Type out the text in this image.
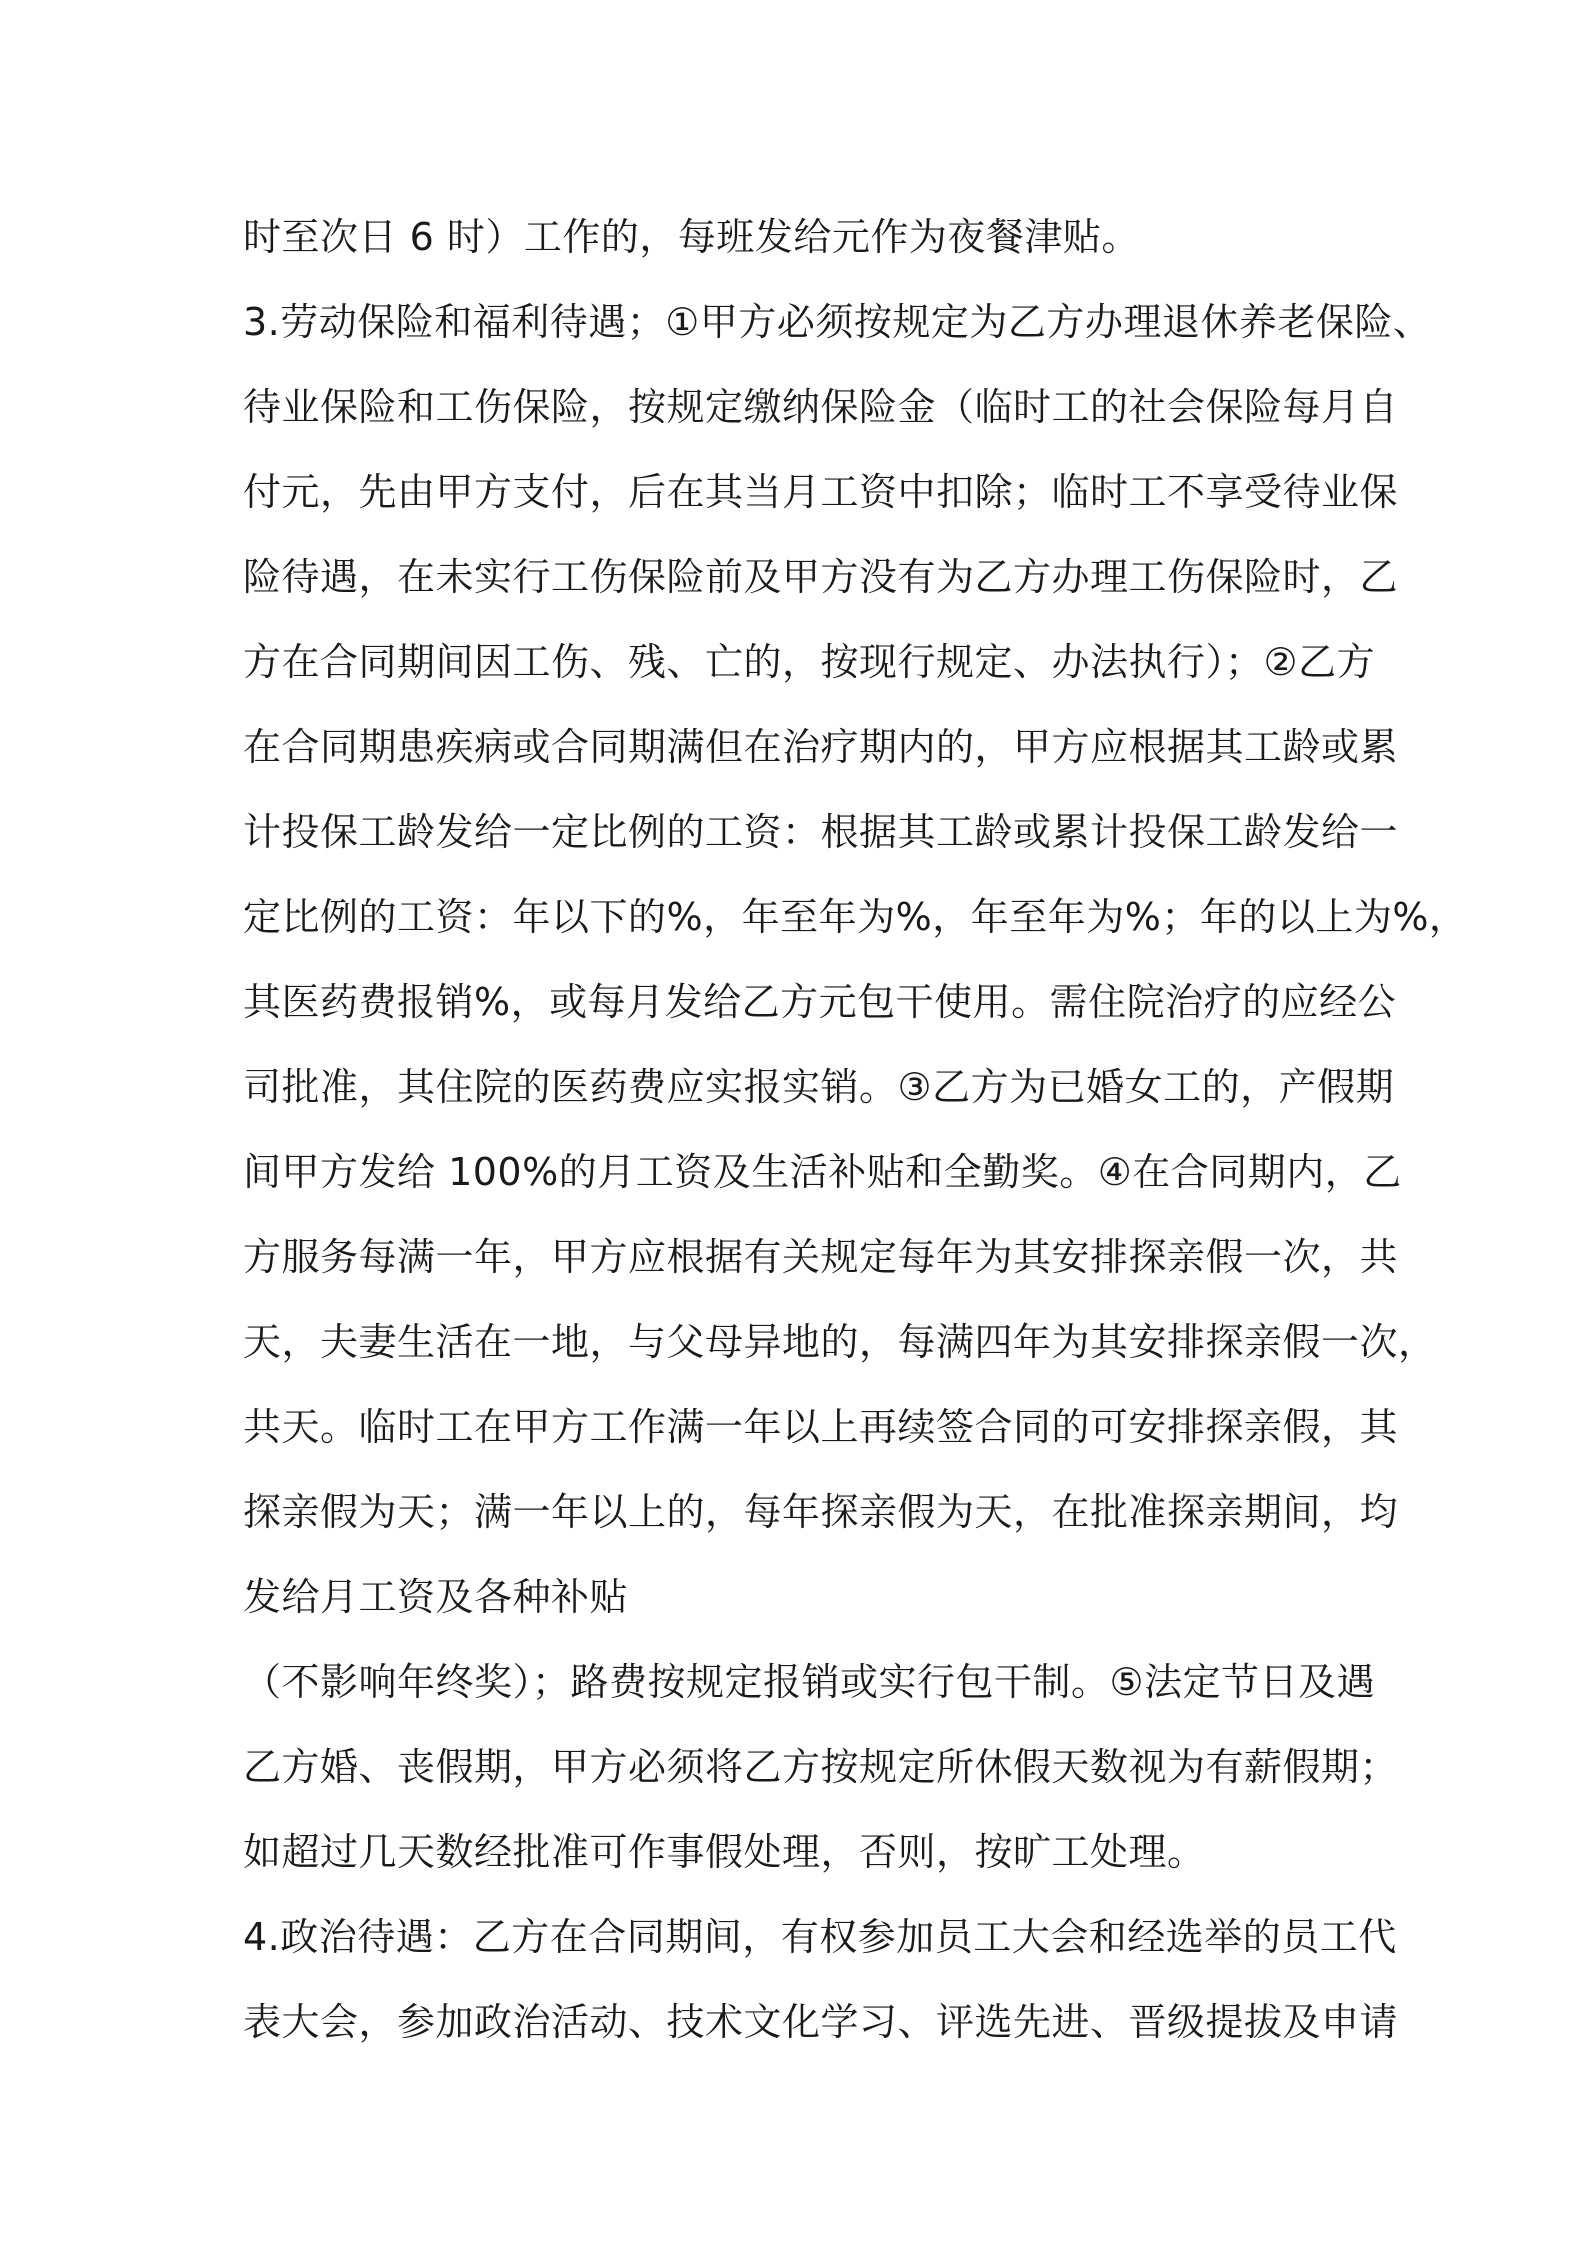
时至次日 6 时）工作的，每班发给元作为夜餐津贴。
3.劳动保险和福利待遇；①甲方必须按规定为乙方办理退休养老保险、
待业保险和工伤保险，按规定缴纳保险金（临时工的社会保险每月自
付元，先由甲方支付，后在其当月工资中扣除；临时工不享受待业保
险待遇，在未实行工伤保险前及甲方没有为乙方办理工伤保险时，乙
方在合同期间因工伤、残、亡的，按现行规定、办法执行）；②乙方
在合同期患疾病或合同期满但在治疗期内的，甲方应根据其工龄或累
计投保工龄发给一定比例的工资：根据其工龄或累计投保工龄发给一
定比例的工资：年以下的%，年至年为%，年至年为%；年的以上为%，
其医药费报销%，或每月发给乙方元包干使用。需住院治疗的应经公
司批准，其住院的医药费应实报实销。③乙方为已婚女工的，产假期
间甲方发给 100%的月工资及生活补贴和全勤奖。④在合同期内，乙
方服务每满一年，甲方应根据有关规定每年为其安排探亲假一次，共
天，夫妻生活在一地，与父母异地的，每满四年为其安排探亲假一次，
共天。临时工在甲方工作满一年以上再续签合同的可安排探亲假，其
探亲假为天；满一年以上的，每年探亲假为天，在批准探亲期间，均
发给月工资及各种补贴
（不影响年终奖）；路费按规定报销或实行包干制。⑤法定节日及遇
乙方婚、丧假期，甲方必须将乙方按规定所休假天数视为有薪假期；
如超过几天数经批准可作事假处理，否则，按旷工处理。
4.政治待遇：乙方在合同期间，有权参加员工大会和经选举的员工代
表大会，参加政治活动、技术文化学习、评选先进、晋级提拔及申请
